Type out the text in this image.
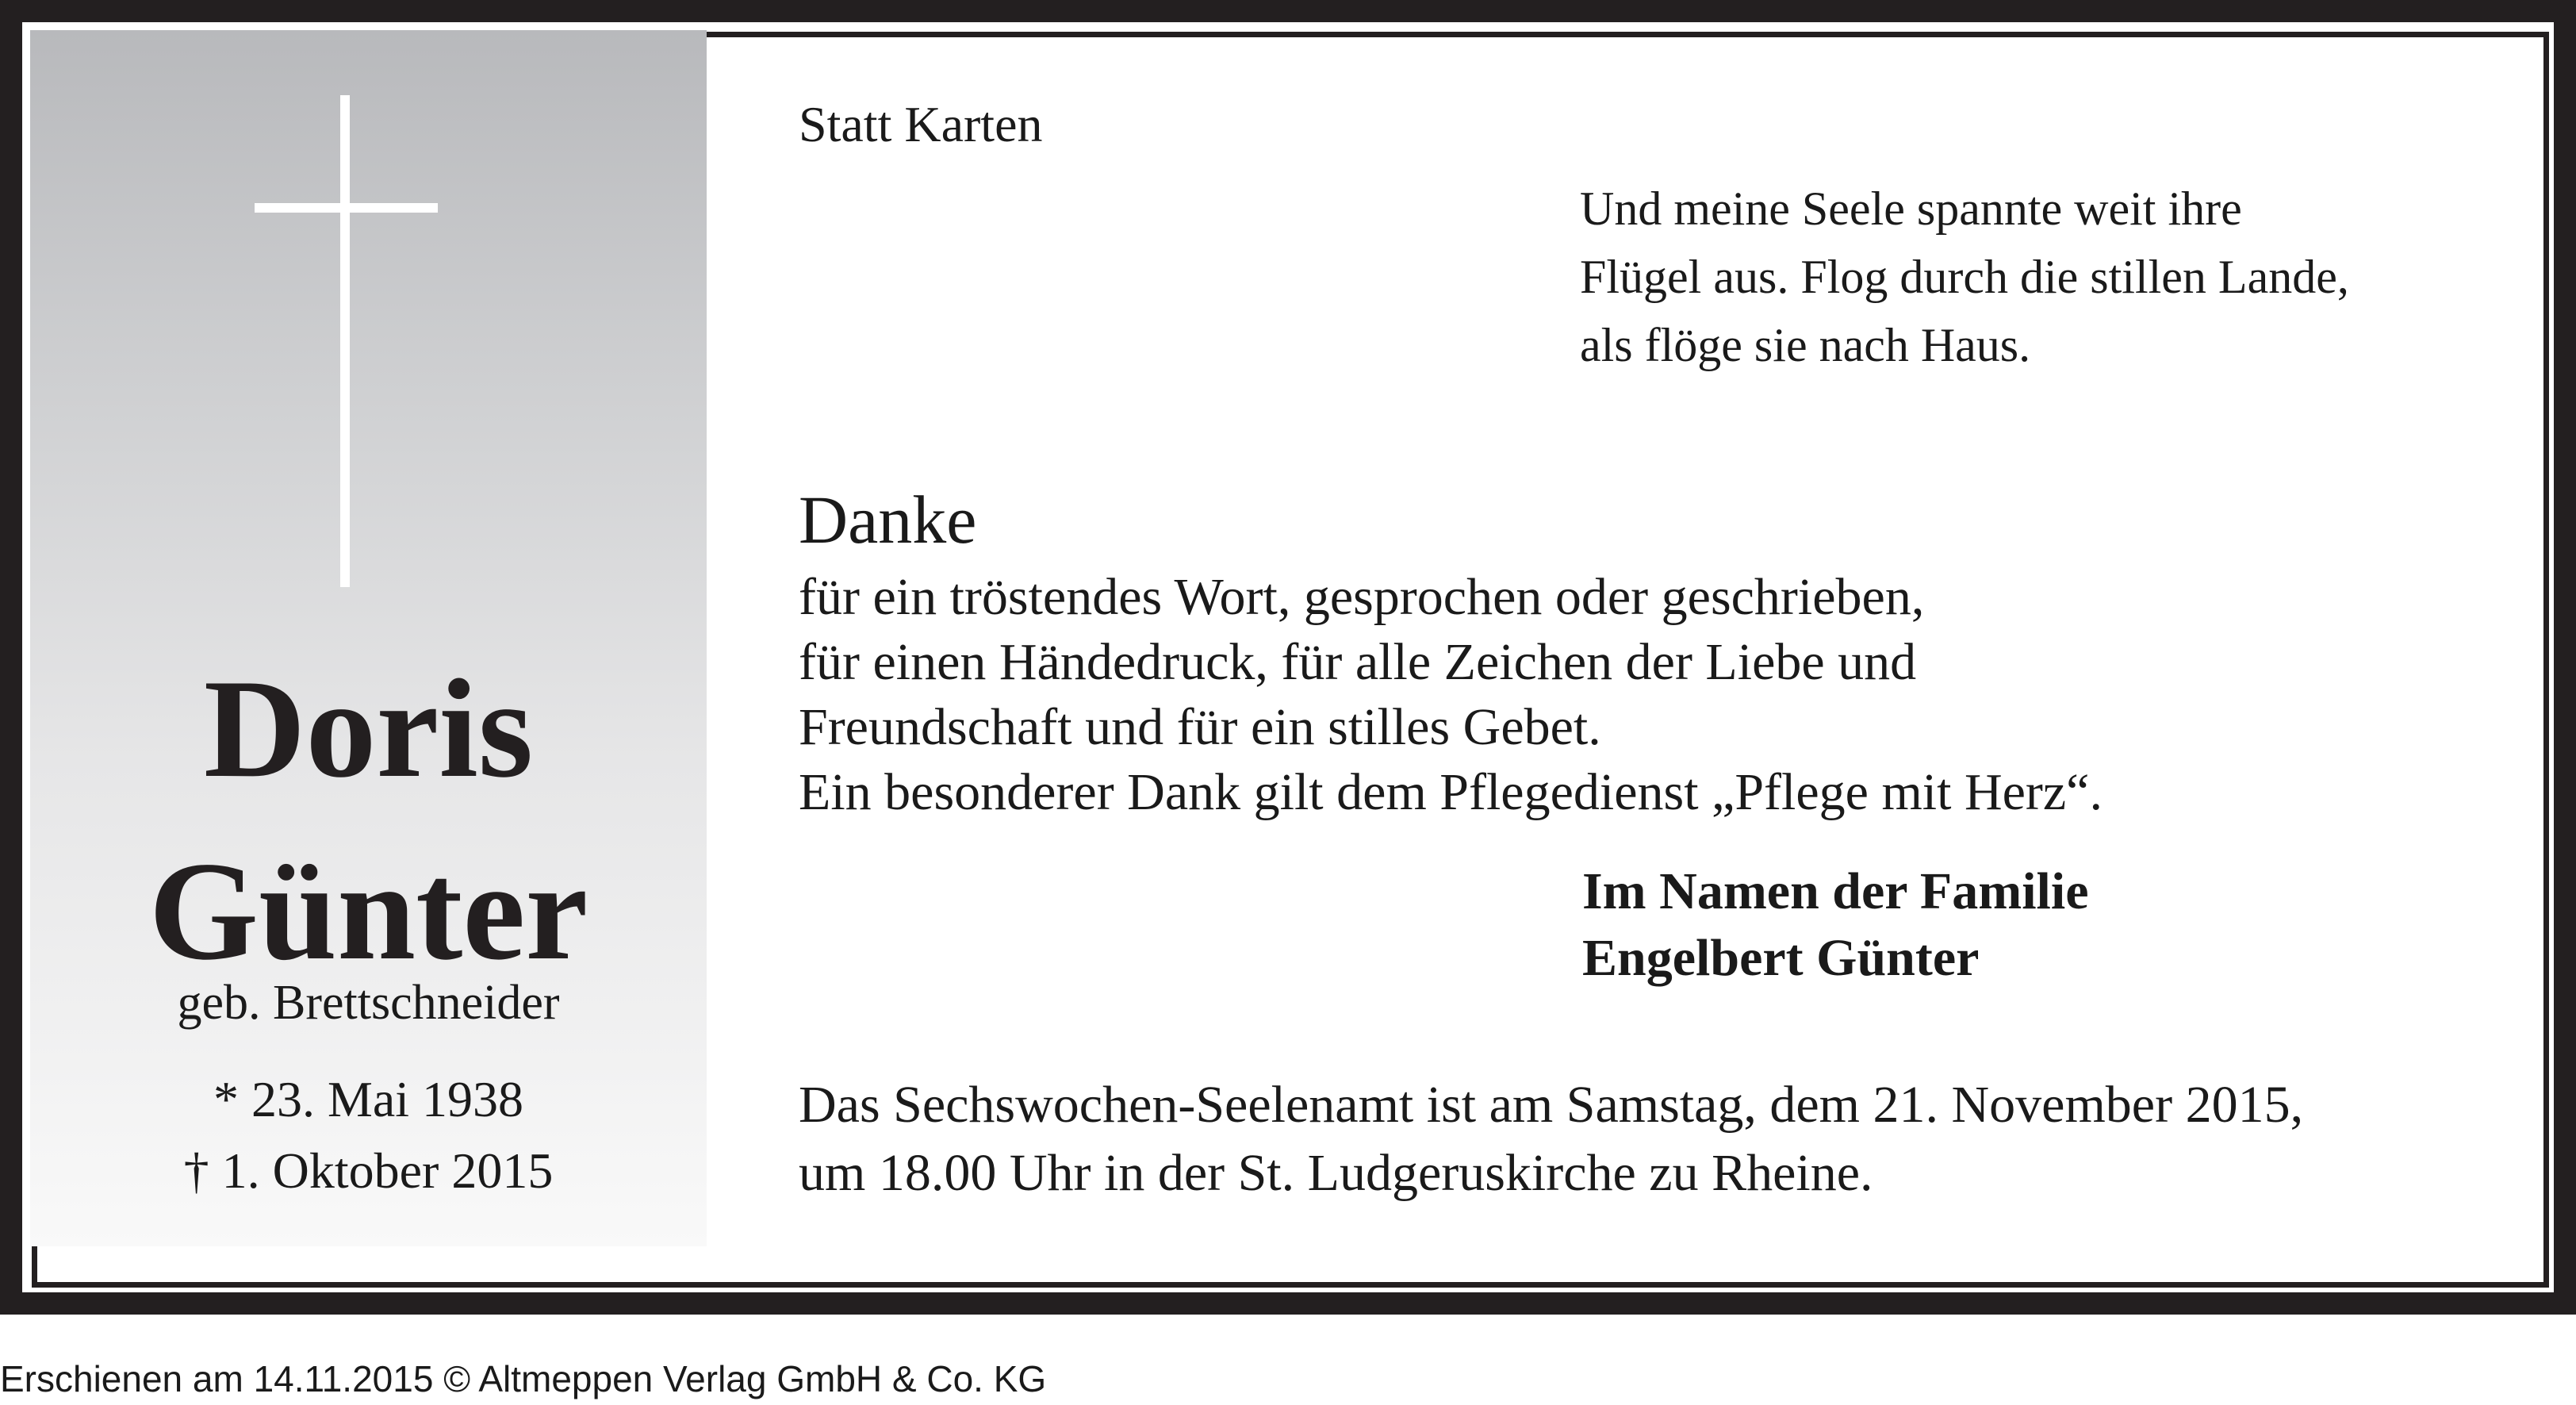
Doris
Günter
geb. Brettschneider
* 23. Mai 1938
† 1. Oktober 2015
Statt Karten
Und meine Seele spannte weit ihre
Flügel aus. Flog durch die stillen Lande,
als flöge sie nach Haus.
Danke
für ein tröstendes Wort, gesprochen oder geschrieben,
für einen Händedruck, für alle Zeichen der Liebe und
Freundschaft und für ein stilles Gebet.
Ein besonderer Dank gilt dem Pflegedienst „Pflege mit Herz“.
Im Namen der Familie
Engelbert Günter
Das Sechswochen-Seelenamt ist am Samstag, dem 21. November 2015,
um 18.00 Uhr in der St. Ludgeruskirche zu Rheine.
Erschienen am 14.11.2015 © Altmeppen Verlag GmbH & Co. KG
